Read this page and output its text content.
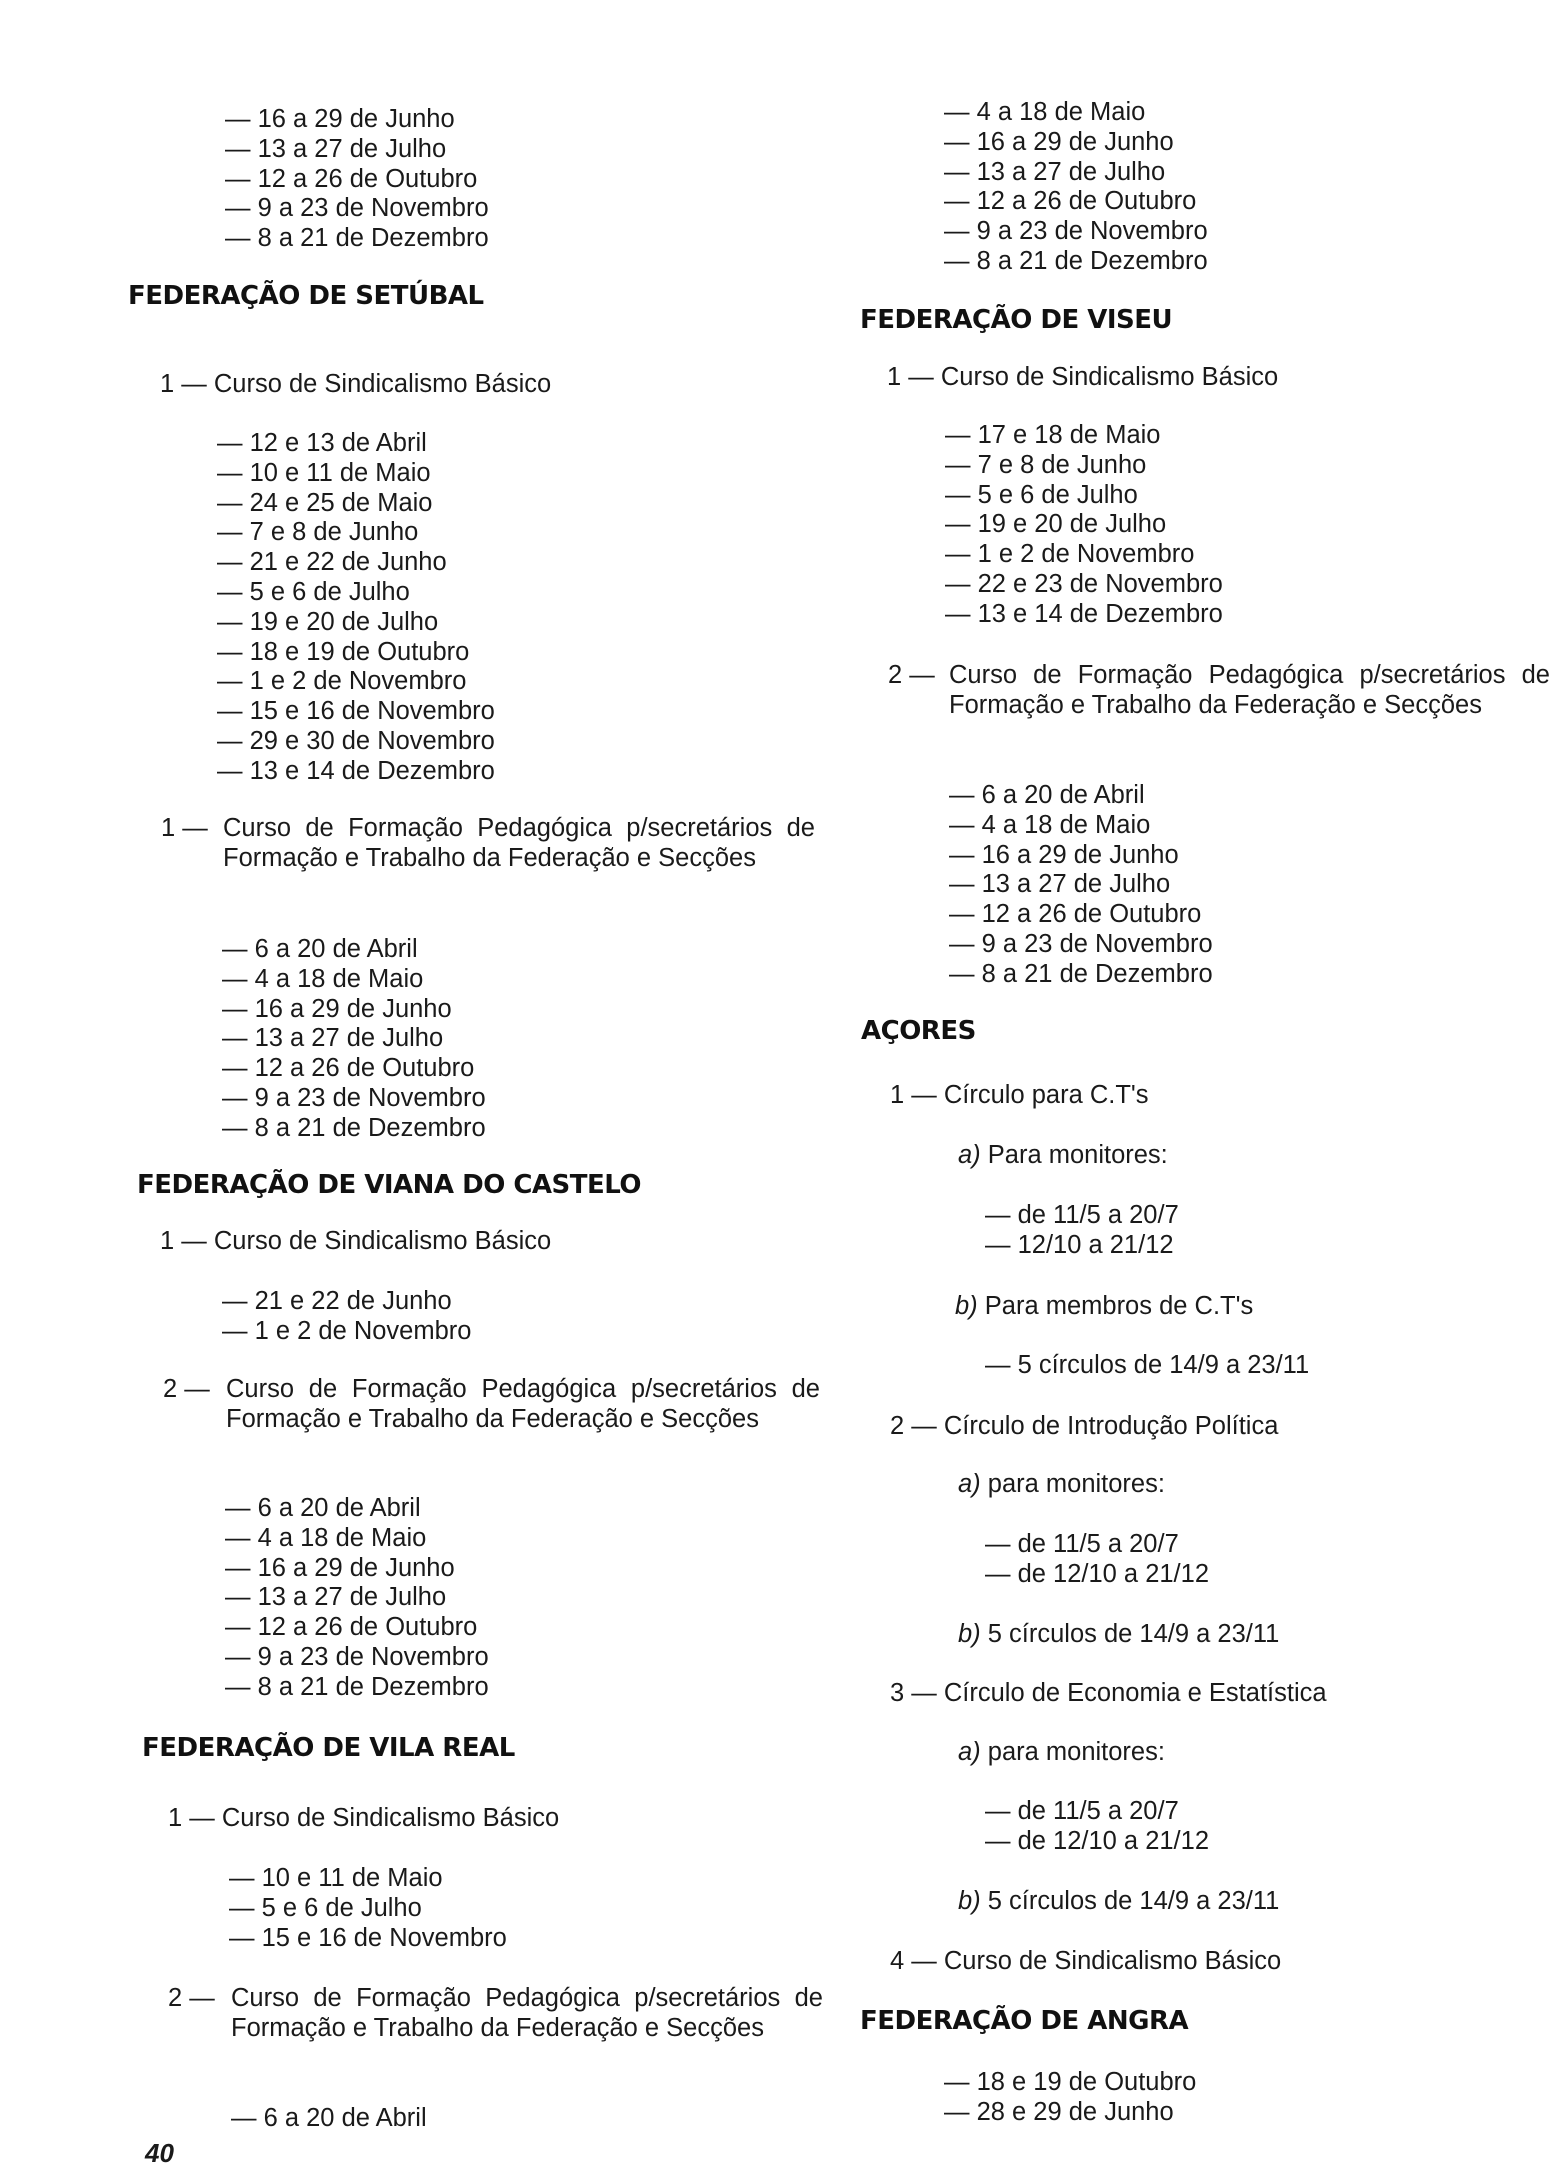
— 16 a 29 de Junho
— 13 a 27 de Julho
— 12 a 26 de Outubro
— 9 a 23 de Novembro
— 8 a 21 de Dezembro
FEDERAÇÃO DE SETÚBAL
1 — Curso de Sindicalismo Básico
— 12 e 13 de Abril
— 10 e 11 de Maio
— 24 e 25 de Maio
— 7 e 8 de Junho
— 21 e 22 de Junho
— 5 e 6 de Julho
— 19 e 20 de Julho
— 18 e 19 de Outubro
— 1 e 2 de Novembro
— 15 e 16 de Novembro
— 29 e 30 de Novembro
— 13 e 14 de Dezembro
1 — Curso de Formação Pedagógica p/secretários de Formação e Trabalho da Federação e Secções
— 6 a 20 de Abril
— 4 a 18 de Maio
— 16 a 29 de Junho
— 13 a 27 de Julho
— 12 a 26 de Outubro
— 9 a 23 de Novembro
— 8 a 21 de Dezembro
FEDERAÇÃO DE VIANA DO CASTELO
1 — Curso de Sindicalismo Básico
— 21 e 22 de Junho
— 1 e 2 de Novembro
2 — Curso de Formação Pedagógica p/secretários de Formação e Trabalho da Federação e Secções
— 6 a 20 de Abril
— 4 a 18 de Maio
— 16 a 29 de Junho
— 13 a 27 de Julho
— 12 a 26 de Outubro
— 9 a 23 de Novembro
— 8 a 21 de Dezembro
FEDERAÇÃO DE VILA REAL
1 — Curso de Sindicalismo Básico
— 10 e 11 de Maio
— 5 e 6 de Julho
— 15 e 16 de Novembro
2 — Curso de Formação Pedagógica p/secretários de Formação e Trabalho da Federação e Secções
— 6 a 20 de Abril
— 4 a 18 de Maio
— 16 a 29 de Junho
— 13 a 27 de Julho
— 12 a 26 de Outubro
— 9 a 23 de Novembro
— 8 a 21 de Dezembro
FEDERAÇÃO DE VISEU
1 — Curso de Sindicalismo Básico
— 17 e 18 de Maio
— 7 e 8 de Junho
— 5 e 6 de Julho
— 19 e 20 de Julho
— 1 e 2 de Novembro
— 22 e 23 de Novembro
— 13 e 14 de Dezembro
2 — Curso de Formação Pedagógica p/secretários de Formação e Trabalho da Federação e Secções
— 6 a 20 de Abril
— 4 a 18 de Maio
— 16 a 29 de Junho
— 13 a 27 de Julho
— 12 a 26 de Outubro
— 9 a 23 de Novembro
— 8 a 21 de Dezembro
AÇORES
1 — Círculo para C.T's
a) Para monitores:
— de 11/5 a 20/7
— 12/10 a 21/12
b) Para membros de C.T's
— 5 círculos de 14/9 a 23/11
2 — Círculo de Introdução Política
a) para monitores:
— de 11/5 a 20/7
— de 12/10 a 21/12
b) 5 círculos de 14/9 a 23/11
3 — Círculo de Economia e Estatística
a) para monitores:
— de 11/5 a 20/7
— de 12/10 a 21/12
b) 5 círculos de 14/9 a 23/11
4 — Curso de Sindicalismo Básico
FEDERAÇÃO DE ANGRA
— 18 e 19 de Outubro
— 28 e 29 de Junho

40
